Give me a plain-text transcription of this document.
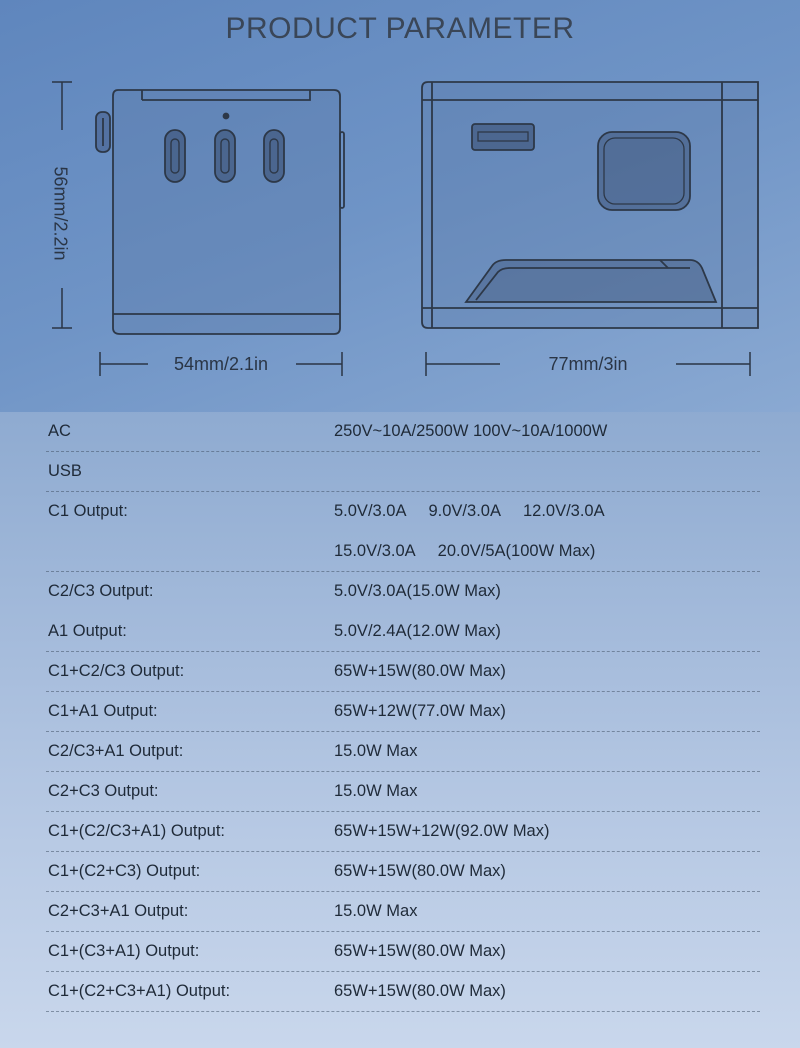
PRODUCT PARAMETER
56mm/2.2in
54mm/2.1in	77mm/3in
AC	250V~10A/2500W 100V~10A/1000W
USB
C1 Output:	5.0V/3.0A 9.0V/3.0A 12.0V/3.0A
15.0V/3.0A 20.0V/5A(100W Max)
C2/C3 Output:	5.0V/3.0A(15.0W Max)
A1 Output:	5.0V/2.4A(12.0W Max)
C1+C2/C3 Output:	65W+15W(80.0W Max)
C1+A1 Output:	65W+12W(77.0W Max)
C2/C3+A1 Output:	15.0W Max
C2+C3 Output:	15.0W Max
C1+(C2/C3+A1) Output:	65W+15W+12W(92.0W Max)
C1+(C2+C3) Output:	65W+15W(80.0W Max)
C2+C3+A1 Output:	15.0W Max
C1+(C3+A1) Output:	65W+15W(80.0W Max)
C1+(C2+C3+A1) Output:	65W+15W(80.0W Max)
